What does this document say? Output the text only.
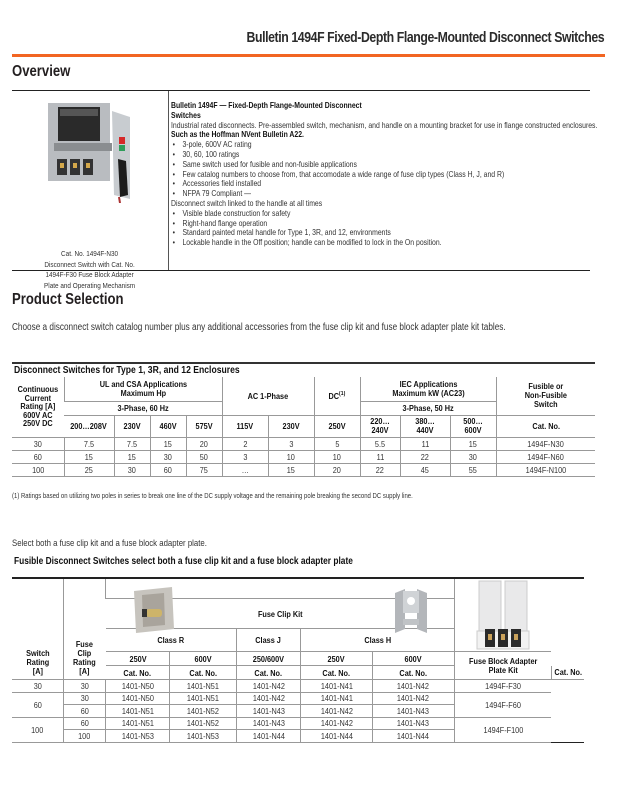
Bulletin 1494F Fixed-Depth Flange-Mounted Disconnect Switches
Overview
Cat. No. 1494F-N30
Disconnect Switch with Cat. No.
1494F-F30 Fuse Block Adapter
Plate and Operating Mechanism
Bulletin 1494F — Fixed-Depth Flange-Mounted Disconnect Switches
Industrial rated disconnects. Pre-assembled switch, mechanism, and handle on a mounting bracket for use in flange constructed enclosures. Such as the Hoffman NVent Bulletin A22.
• 3-pole, 600V AC rating
• 30, 60, 100 ratings
• Same switch used for fusible and non-fusible applications
• Few catalog numbers to choose from, that accomodate a wide range of fuse clip types (Class H, J, and R)
• Accessories field installed
• NFPA 79 Compliant —
Disconnect switch linked to the handle at all times
• Visible blade construction for safety
• Right-hand flange operation
• Standard painted metal handle for Type 1, 3R, and 12, environments
• Lockable handle in the Off position; handle can be modified to lock in the On position.
Product Selection
Choose a disconnect switch catalog number plus any additional accessories from the fuse clip kit and fuse block adapter plate kit tables.
Disconnect Switches for Type 1, 3R, and 12 Enclosures
Continuous
Current
Rating [A]
600V AC
250V DC	UL and CSA Applications
Maximum Hp				AC 1-Phase		DC$^{(1)}$	IEC Applications
Maximum kW (AC23)			Fusible or
Non-Fusible
Switch
	3-Phase, 60 Hz							3-Phase, 50 Hz			
	200…208V	230V	460V	575V	115V	230V	250V	220…240V	380…440V	500…600V	Cat. No.
30	7.5	7.5	15	20	2	3	5	5.5	11	15	1494F-N30
60	15	15	30	50	3	10	10	11	22	30	1494F-N60
100	25	30	60	75	…	15	20	22	45	55	1494F-N100
(1) Ratings based on utilizing two poles in series to break one line of the DC supply voltage and the remaining pole breaking the second DC supply line.
Select both a fuse clip kit and a fuse block adapter plate.
Fusible Disconnect Switches select both a fuse clip kit and a fuse block adapter plate
Switch
Rating
[A]	Fuse
Clip
Rating
[A]	

		Fuse Clip Kit						
		Class R		Class J	Class H			
		250V	600V	250/600V	250V	600V	Fuse Block Adapter
Plate Kit	
		Cat. No.	Cat. No.	Cat. No.	Cat. No.	Cat. No.		Cat. No.
30	30	1401-N50	1401-N51	1401-N42	1401-N41	1401-N42	1494F-F30	
60	30	1401-N50	1401-N51	1401-N42	1401-N41	1401-N42	1494F-F60	
	60	1401-N51	1401-N52	1401-N43	1401-N42	1401-N43		
100	60	1401-N51	1401-N52	1401-N43	1401-N42	1401-N43	1494F-F100	
	100	1401-N53	1401-N53	1401-N44	1401-N44	1401-N44		
